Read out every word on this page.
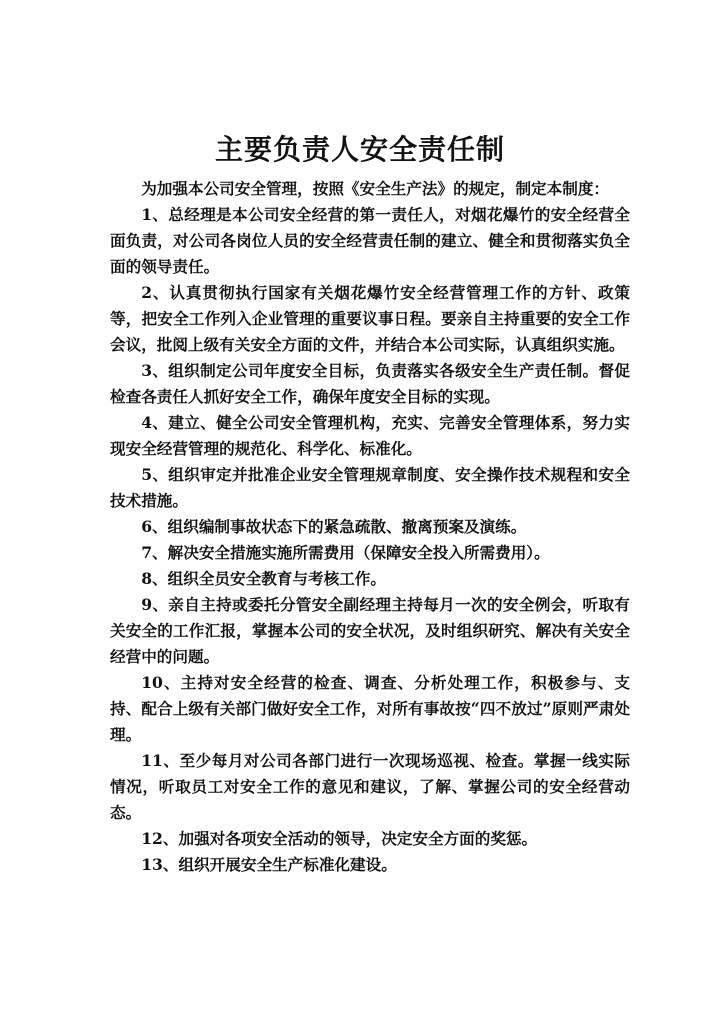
主要负责人安全责任制

为加强本公司安全管理，按照《安全生产法》的规定，制定本制度：

1、总经理是本公司安全经营的第一责任人，对烟花爆竹的安全经营全面负责，对公司各岗位人员的安全经营责任制的建立、健全和贯彻落实负全面的领导责任。

2、认真贯彻执行国家有关烟花爆竹安全经营管理工作的方针、政策等，把安全工作列入企业管理的重要议事日程。要亲自主持重要的安全工作会议，批阅上级有关安全方面的文件，并结合本公司实际，认真组织实施。

3、组织制定公司年度安全目标，负责落实各级安全生产责任制。督促检查各责任人抓好安全工作，确保年度安全目标的实现。

4、建立、健全公司安全管理机构，充实、完善安全管理体系，努力实现安全经营管理的规范化、科学化、标准化。

5、组织审定并批准企业安全管理规章制度、安全操作技术规程和安全技术措施。

6、组织编制事故状态下的紧急疏散、撤离预案及演练。

7、解决安全措施实施所需费用（保障安全投入所需费用）。

8、组织全员安全教育与考核工作。

9、亲自主持或委托分管安全副经理主持每月一次的安全例会，听取有关安全的工作汇报，掌握本公司的安全状况，及时组织研究、解决有关安全经营中的问题。

10、主持对安全经营的检查、调查、分析处理工作，积极参与、支持、配合上级有关部门做好安全工作，对所有事故按“四不放过”原则严肃处理。

11、至少每月对公司各部门进行一次现场巡视、检查。掌握一线实际情况，听取员工对安全工作的意见和建议，了解、掌握公司的安全经营动态。

12、加强对各项安全活动的领导，决定安全方面的奖惩。

13、组织开展安全生产标准化建设。
